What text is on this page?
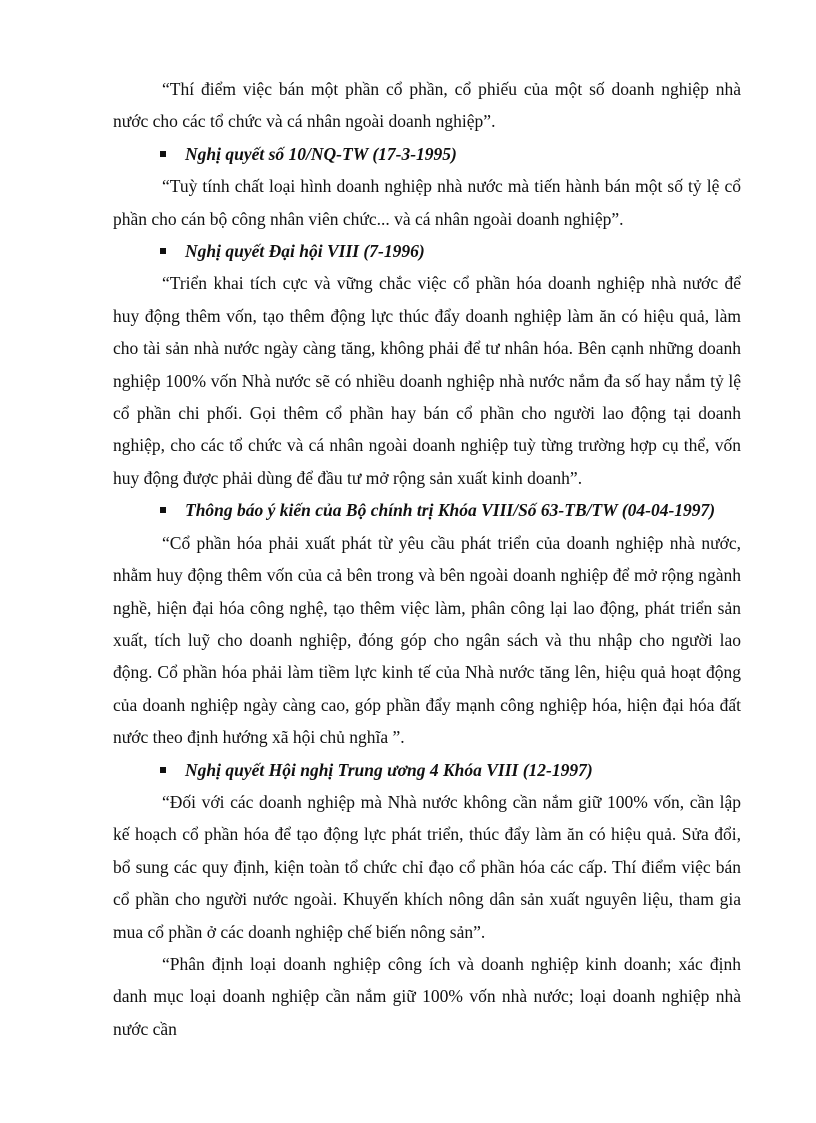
“Thí điểm việc bán một phần cổ phần, cổ phiếu của một số doanh nghiệp nhà nước cho các tổ chức và cá nhân ngoài doanh nghiệp”.

Nghị quyết số 10/NQ-TW (17-3-1995)

“Tuỳ tính chất loại hình doanh nghiệp nhà nước mà tiến hành bán một số tỷ lệ cổ phần cho cán bộ công nhân viên chức... và cá nhân ngoài doanh nghiệp”.

Nghị quyết Đại hội VIII (7-1996)

“Triển khai tích cực và vững chắc việc cổ phần hóa doanh nghiệp nhà nước để huy động thêm vốn, tạo thêm động lực thúc đẩy doanh nghiệp làm ăn có hiệu quả, làm cho tài sản nhà nước ngày càng tăng, không phải để tư nhân hóa. Bên cạnh những doanh nghiệp 100% vốn Nhà nước sẽ có nhiều doanh nghiệp nhà nước nắm đa số hay nắm tỷ lệ cổ phần chi phối. Gọi thêm cổ phần hay bán cổ phần cho người lao động tại doanh nghiệp, cho các tổ chức và cá nhân ngoài doanh nghiệp tuỳ từng trường hợp cụ thể, vốn huy động được phải dùng để đầu tư mở rộng sản xuất kinh doanh”.

Thông báo ý kiến của Bộ chính trị Khóa VIII/Số 63-TB/TW (04-04-1997)

“Cổ phần hóa phải xuất phát từ yêu cầu phát triển của doanh nghiệp nhà nước, nhằm huy động thêm vốn của cả bên trong và bên ngoài doanh nghiệp để mở rộng ngành nghề, hiện đại hóa công nghệ, tạo thêm việc làm, phân công lại lao động, phát triển sản xuất, tích luỹ cho doanh nghiệp, đóng góp cho ngân sách và thu nhập cho người lao động. Cổ phần hóa phải làm tiềm lực kinh tế của Nhà nước tăng lên, hiệu quả hoạt động của doanh nghiệp ngày càng cao, góp phần đẩy mạnh công nghiệp hóa, hiện đại hóa đất nước theo định hướng xã hội chủ nghĩa ”.

Nghị quyết Hội nghị Trung ương 4 Khóa VIII (12-1997)

“Đối với các doanh nghiệp mà Nhà nước không cần nắm giữ 100% vốn, cần lập kế hoạch cổ phần hóa để tạo động lực phát triển, thúc đẩy làm ăn có hiệu quả. Sửa đổi, bổ sung các quy định, kiện toàn tổ chức chỉ đạo cổ phần hóa các cấp. Thí điểm việc bán cổ phần cho người nước ngoài. Khuyến khích nông dân sản xuất nguyên liệu, tham gia mua cổ phần ở các doanh nghiệp chế biến nông sản”.

“Phân định loại doanh nghiệp công ích và doanh nghiệp kinh doanh; xác định danh mục loại doanh nghiệp cần nắm giữ 100% vốn nhà nước; loại doanh nghiệp nhà nước cần
